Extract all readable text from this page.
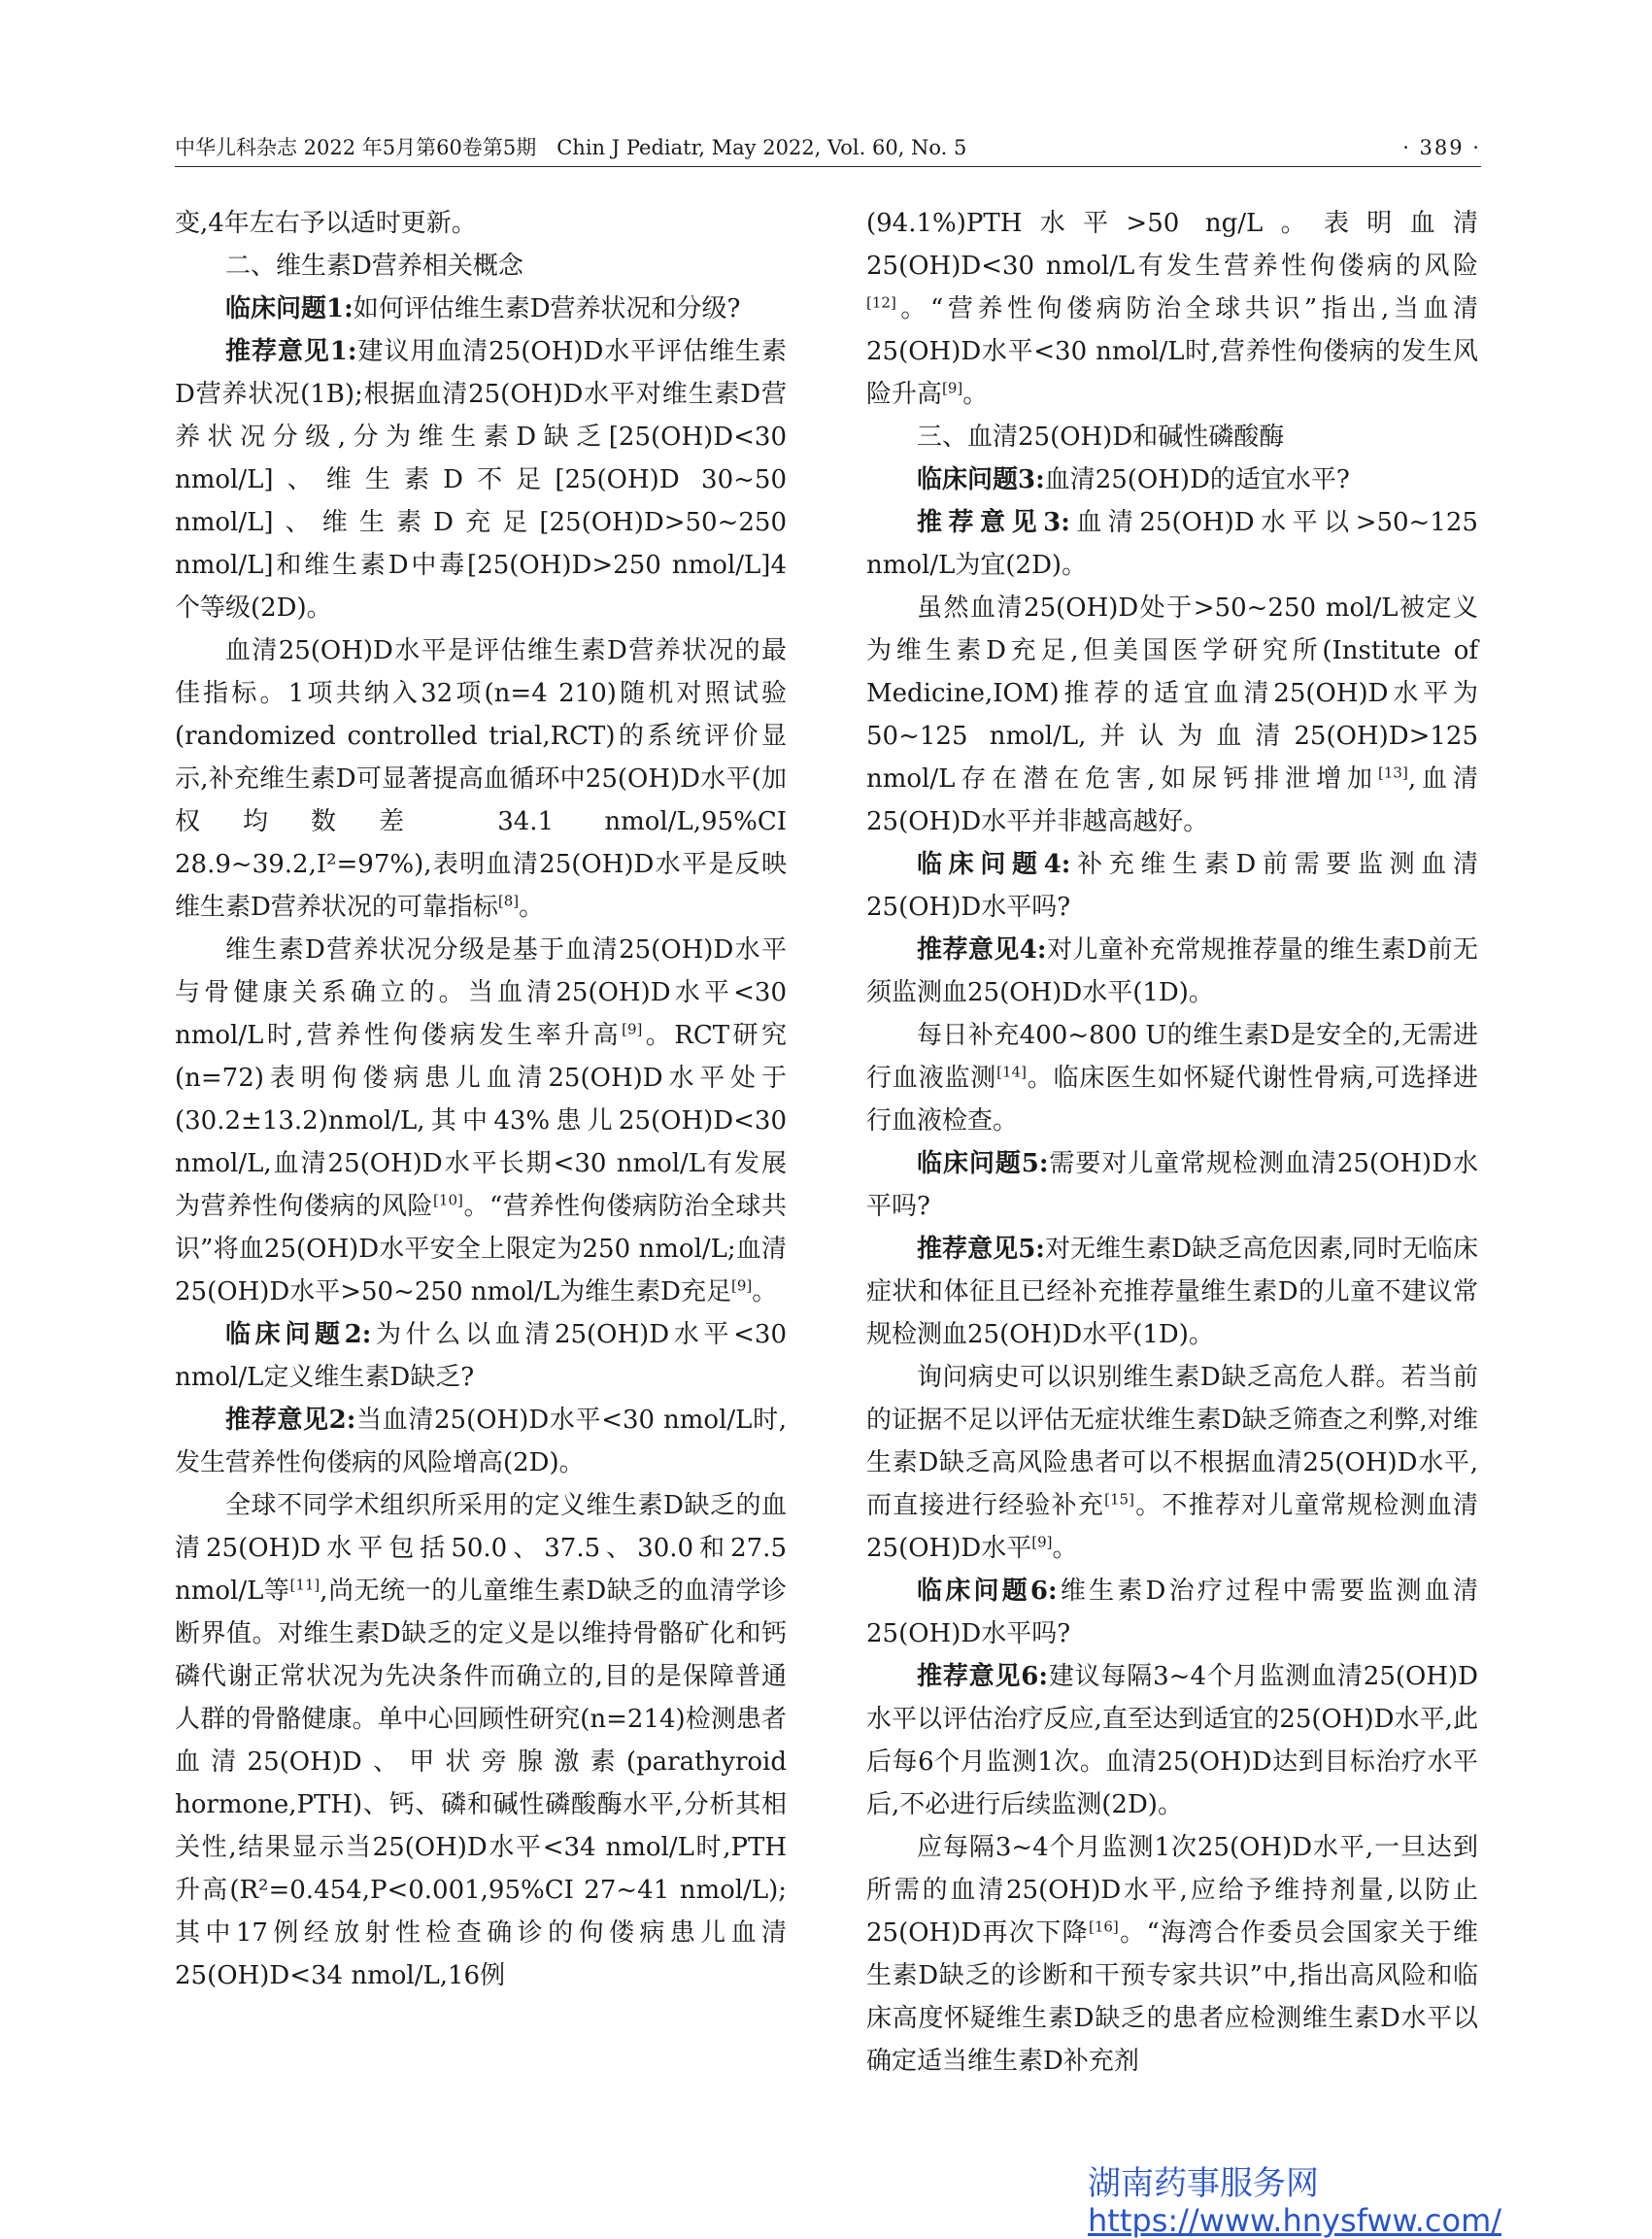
中华儿科杂志 2022 年5月第60卷第5期　Chin J Pediatr, May 2022, Vol. 60, No. 5	· 389 ·

变,4年左右予以适时更新。

二、维生素D营养相关概念

临床问题1:如何评估维生素D营养状况和分级?

推荐意见1:建议用血清25(OH)D水平评估维生素D营养状况(1B);根据血清25(OH)D水平对维生素D营养状况分级,分为维生素D缺乏[25(OH)D<30 nmol/L]、维生素D不足[25(OH)D 30~50 nmol/L]、维生素D充足[25(OH)D>50~250 nmol/L]和维生素D中毒[25(OH)D>250 nmol/L]4个等级(2D)。

血清25(OH)D水平是评估维生素D营养状况的最佳指标。1项共纳入32项(n=4 210)随机对照试验(randomized controlled trial,RCT)的系统评价显示,补充维生素D可显著提高血循环中25(OH)D水平(加权均数差 34.1 nmol/L,95%CI 28.9~39.2,I²=97%),表明血清25(OH)D水平是反映维生素D营养状况的可靠指标[8]。

维生素D营养状况分级是基于血清25(OH)D水平与骨健康关系确立的。当血清25(OH)D水平<30 nmol/L时,营养性佝偻病发生率升高[9]。RCT研究(n=72)表明佝偻病患儿血清25(OH)D水平处于(30.2±13.2)nmol/L,其中43%患儿25(OH)D<30 nmol/L,血清25(OH)D水平长期<30 nmol/L有发展为营养性佝偻病的风险[10]。“营养性佝偻病防治全球共识”将血25(OH)D水平安全上限定为250 nmol/L;血清25(OH)D水平>50~250 nmol/L为维生素D充足[9]。

临床问题2:为什么以血清25(OH)D水平<30 nmol/L定义维生素D缺乏?

推荐意见2:当血清25(OH)D水平<30 nmol/L时,发生营养性佝偻病的风险增高(2D)。

全球不同学术组织所采用的定义维生素D缺乏的血清25(OH)D水平包括50.0、37.5、30.0和27.5 nmol/L等[11],尚无统一的儿童维生素D缺乏的血清学诊断界值。对维生素D缺乏的定义是以维持骨骼矿化和钙磷代谢正常状况为先决条件而确立的,目的是保障普通人群的骨骼健康。单中心回顾性研究(n=214)检测患者血清25(OH)D、甲状旁腺激素(parathyroid hormone,PTH)、钙、磷和碱性磷酸酶水平,分析其相关性,结果显示当25(OH)D水平<34 nmol/L时,PTH升高(R²=0.454,P<0.001,95%CI 27~41 nmol/L);其中17例经放射性检查确诊的佝偻病患儿血清25(OH)D<34 nmol/L,16例

(94.1%)PTH水平>50 ng/L。表明血清25(OH)D<30 nmol/L有发生营养性佝偻病的风险[12]。“营养性佝偻病防治全球共识”指出,当血清25(OH)D水平<30 nmol/L时,营养性佝偻病的发生风险升高[9]。

三、血清25(OH)D和碱性磷酸酶

临床问题3:血清25(OH)D的适宜水平?

推荐意见3:血清25(OH)D水平以>50~125 nmol/L为宜(2D)。

虽然血清25(OH)D处于>50~250 mol/L被定义为维生素D充足,但美国医学研究所(Institute of Medicine,IOM)推荐的适宜血清25(OH)D水平为50~125 nmol/L,并认为血清25(OH)D>125 nmol/L存在潜在危害,如尿钙排泄增加[13],血清25(OH)D水平并非越高越好。

临床问题4:补充维生素D前需要监测血清25(OH)D水平吗?

推荐意见4:对儿童补充常规推荐量的维生素D前无须监测血25(OH)D水平(1D)。

每日补充400~800 U的维生素D是安全的,无需进行血液监测[14]。临床医生如怀疑代谢性骨病,可选择进行血液检查。

临床问题5:需要对儿童常规检测血清25(OH)D水平吗?

推荐意见5:对无维生素D缺乏高危因素,同时无临床症状和体征且已经补充推荐量维生素D的儿童不建议常规检测血25(OH)D水平(1D)。

询问病史可以识别维生素D缺乏高危人群。若当前的证据不足以评估无症状维生素D缺乏筛查之利弊,对维生素D缺乏高风险患者可以不根据血清25(OH)D水平,而直接进行经验补充[15]。不推荐对儿童常规检测血清25(OH)D水平[9]。

临床问题6:维生素D治疗过程中需要监测血清25(OH)D水平吗?

推荐意见6:建议每隔3~4个月监测血清25(OH)D水平以评估治疗反应,直至达到适宜的25(OH)D水平,此后每6个月监测1次。血清25(OH)D达到目标治疗水平后,不必进行后续监测(2D)。

应每隔3~4个月监测1次25(OH)D水平,一旦达到所需的血清25(OH)D水平,应给予维持剂量,以防止25(OH)D再次下降[16]。“海湾合作委员会国家关于维生素D缺乏的诊断和干预专家共识”中,指出高风险和临床高度怀疑维生素D缺乏的患者应检测维生素D水平以确定适当维生素D补充剂

湖南药事服务网
https://www.hnysfww.com/
